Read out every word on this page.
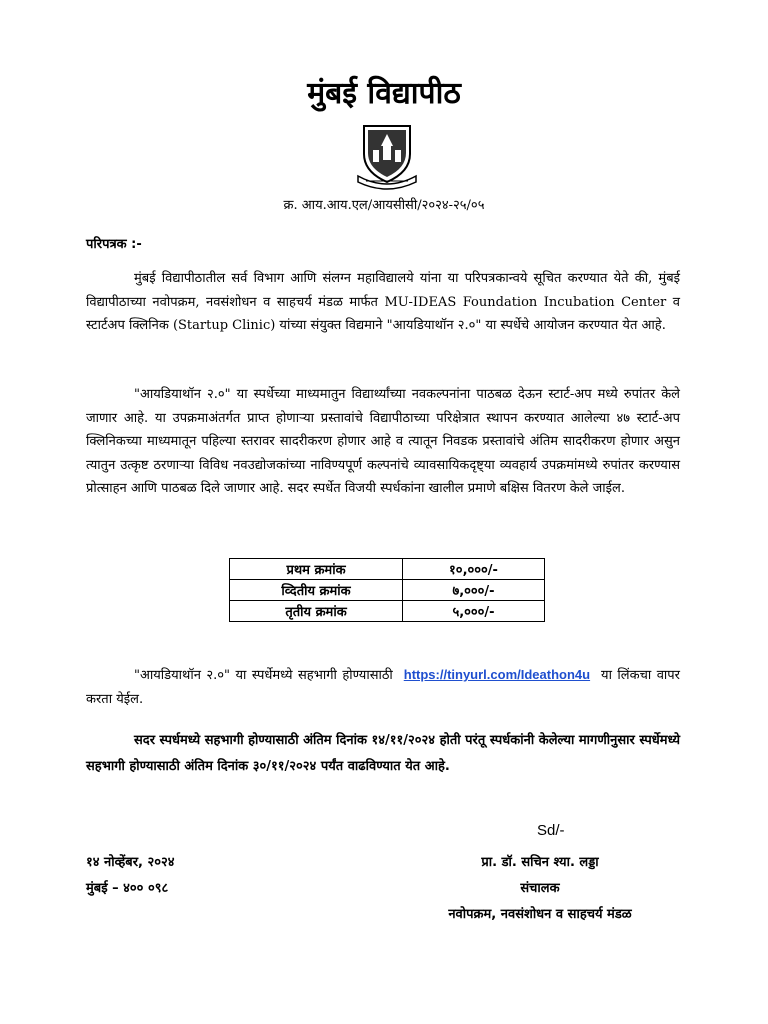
मुंबई विद्यापीठ
क्र. आय.आय.एल/आयसीसी/२०२४-२५/०५
परिपत्रक :-

मुंबई विद्यापीठातील सर्व विभाग आणि संलग्न महाविद्यालये यांना या परिपत्रकान्वये सूचित करण्यात येते की, मुंबई विद्यापीठाच्या नवोपक्रम, नवसंशोधन व साहचर्य मंडळ मार्फत MU-IDEAS Foundation Incubation Center व स्टार्टअप क्लिनिक (Startup Clinic) यांच्या संयुक्त विद्यमाने "आयडियाथॉन २.०" या स्पर्धेचे आयोजन करण्यात येत आहे.

"आयडियाथॉन २.०" या स्पर्धेच्या माध्यमातुन विद्यार्थ्यांच्या नवकल्पनांना पाठबळ देऊन स्टार्ट-अप मध्ये रुपांतर केले जाणार आहे. या उपक्रमाअंतर्गत प्राप्त होणाऱ्या प्रस्तावांचे विद्यापीठाच्या परिक्षेत्रात स्थापन करण्यात आलेल्या ४७ स्टार्ट-अप क्लिनिकच्या माध्यमातून पहिल्या स्तरावर सादरीकरण होणार आहे व त्यातून निवडक प्रस्तावांचे अंतिम सादरीकरण होणार असुन त्यातुन उत्कृष्ट ठरणाऱ्या विविध नवउद्योजकांच्या नाविण्यपूर्ण कल्पनांचे व्यावसायिकदृष्ट्या व्यवहार्य उपक्रमांमध्ये रुपांतर करण्यास प्रोत्साहन आणि पाठबळ दिले जाणार आहे. सदर स्पर्धेत विजयी स्पर्धकांना खालील प्रमाणे बक्षिस वितरण केले जाईल.

प्रथम क्रमांक	१०,०००/-
व्दितीय क्रमांक	७,०००/-
तृतीय क्रमांक	५,०००/-

"आयडियाथॉन २.०" या स्पर्धेमध्ये सहभागी होण्यासाठी https://tinyurl.com/Ideathon4u या लिंकचा वापर करता येईल.

सदर स्पर्धमध्ये सहभागी होण्यासाठी अंतिम दिनांक १४/११/२०२४ होती परंतू स्पर्धकांनी केलेल्या मागणीनुसार स्पर्धेमध्ये सहभागी होण्यासाठी अंतिम दिनांक ३०/११/२०२४ पर्यंत वाढविण्यात येत आहे.

Sd/-
१४ नोव्हेंबर, २०२४
मुंबई – ४०० ०९८
प्रा. डॉ. सचिन श्या. लड्डा
संचालक
नवोपक्रम, नवसंशोधन व साहचर्य मंडळ
